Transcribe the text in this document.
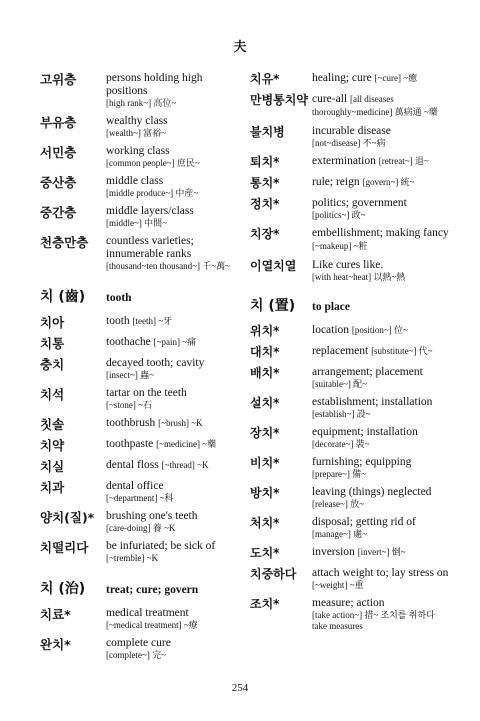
夫
고위층	persons holding high positions
[high rank~] 高位~
부유층	wealthy class
[wealth~] 富裕~
서민층	working class
[common people~] 庶民~
중산층	middle class
[middle produce~] 中産~
중간층	middle layers/class
[middle~] 中間~
천층만층	countless varieties; innumerable ranks
[thousand~ten thousand~] 千~萬~
치 (齒)	tooth
치아	tooth [teeth] ~牙
치통	toothache [~pain] ~痛
충치	decayed tooth; cavity
[insect~] 蟲~
치석	tartar on the teeth
[~stone] ~石
칫솔	toothbrush [~brush] ~K
치약	toothpaste [~medicine] ~藥
치실	dental floss [~thread] ~K
치과	dental office
[~department] ~科
양치(질)*	brushing one's teeth
[care-doing] 養 ~K
치떨리다	be infuriated; be sick of
[~tremble] ~K
치 (治)	treat; cure; govern
치료*	medical treatment
[~medical treatment] ~療
완치*	complete cure
[complete~] 完~
치유*	healing; cure [~cure] ~癒
만병통치약 cure-all [all diseases thoroughly~medicine] 萬病通 ~藥
불치병	incurable disease
[not~disease] 不~病
퇴치*	extermination [retreat~] 退~
통치*	rule; reign [govern~] 統~
정치*	politics; government
[politics~] 政~
치장*	embellishment; making fancy [~makeup] ~粧
이열치열	Like cures like.
[with heat~heat] 以熱~熱
치 (置)	to place
위치*	location [position~] 位~
대치*	replacement [substitute~] 代~
배치*	arrangement; placement
[suitable~] 配~
설치*	establishment; installation
[establish~] 設~
장치*	equipment; installation
[decorate~] 裝~
비치*	furnishing; equipping
[prepare~] 備~
방치*	leaving (things) neglected
[release~] 放~
처치*	disposal; getting rid of
[manage~] 處~
도치*	inversion [invert~] 倒~
치중하다	attach weight to; lay stress on
[~weight] ~重
조치*	measure; action
[take action~] 措~ 조치를 취하다 take measures
254
